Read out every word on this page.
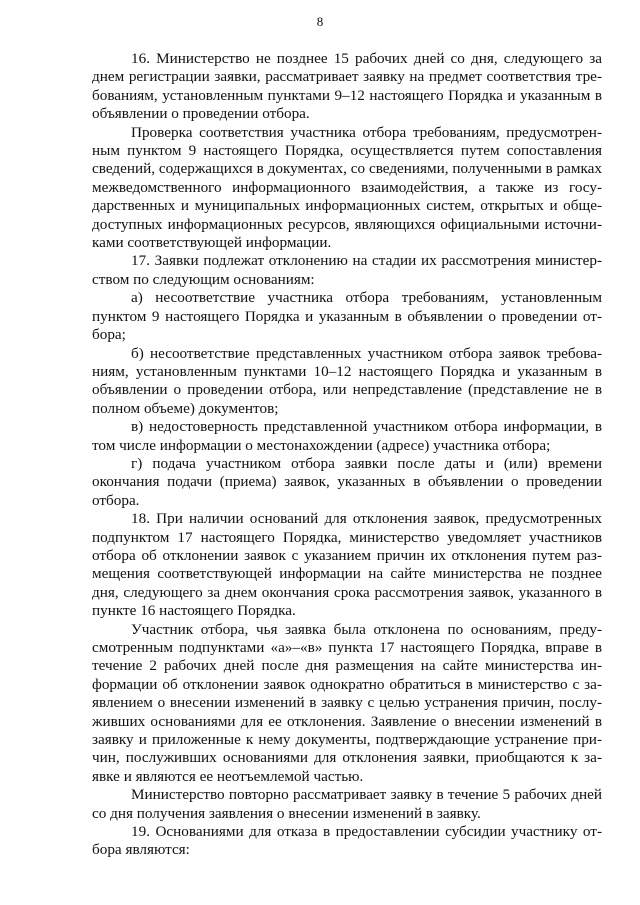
8

16. Министерство не позднее 15 рабочих дней со дня, следующего за днем регистрации заявки, рассматривает заявку на предмет соответствия требованиям, установленным пунктами 9–12 настоящего Порядка и указанным в объявлении о проведении отбора.

Проверка соответствия участника отбора требованиям, предусмотренным пунктом 9 настоящего Порядка, осуществляется путем сопоставления сведений, содержащихся в документах, со сведениями, полученными в рамках межведомственного информационного взаимодействия, а также из государственных и муниципальных информационных систем, открытых и общедоступных информационных ресурсов, являющихся официальными источниками соответствующей информации.

17. Заявки подлежат отклонению на стадии их рассмотрения министерством по следующим основаниям:

а) несоответствие участника отбора требованиям, установленным пунктом 9 настоящего Порядка и указанным в объявлении о проведении отбора;

б) несоответствие представленных участником отбора заявок требованиям, установленным пунктами 10–12 настоящего Порядка и указанным в объявлении о проведении отбора, или непредставление (представление не в полном объеме) документов;

в) недостоверность представленной участником отбора информации, в том числе информации о местонахождении (адресе) участника отбора;

г) подача участником отбора заявки после даты и (или) времени окончания подачи (приема) заявок, указанных в объявлении о проведении отбора.

18. При наличии оснований для отклонения заявок, предусмотренных подпунктом 17 настоящего Порядка, министерство уведомляет участников отбора об отклонении заявок с указанием причин их отклонения путем размещения соответствующей информации на сайте министерства не позднее дня, следующего за днем окончания срока рассмотрения заявок, указанного в пункте 16 настоящего Порядка.

Участник отбора, чья заявка была отклонена по основаниям, предусмотренным подпунктами «а»–«в» пункта 17 настоящего Порядка, вправе в течение 2 рабочих дней после дня размещения на сайте министерства информации об отклонении заявок однократно обратиться в министерство с заявлением о внесении изменений в заявку с целью устранения причин, послуживших основаниями для ее отклонения. Заявление о внесении изменений в заявку и приложенные к нему документы, подтверждающие устранение причин, послуживших основаниями для отклонения заявки, приобщаются к заявке и являются ее неотъемлемой частью.

Министерство повторно рассматривает заявку в течение 5 рабочих дней со дня получения заявления о внесении изменений в заявку.

19. Основаниями для отказа в предоставлении субсидии участнику отбора являются:
